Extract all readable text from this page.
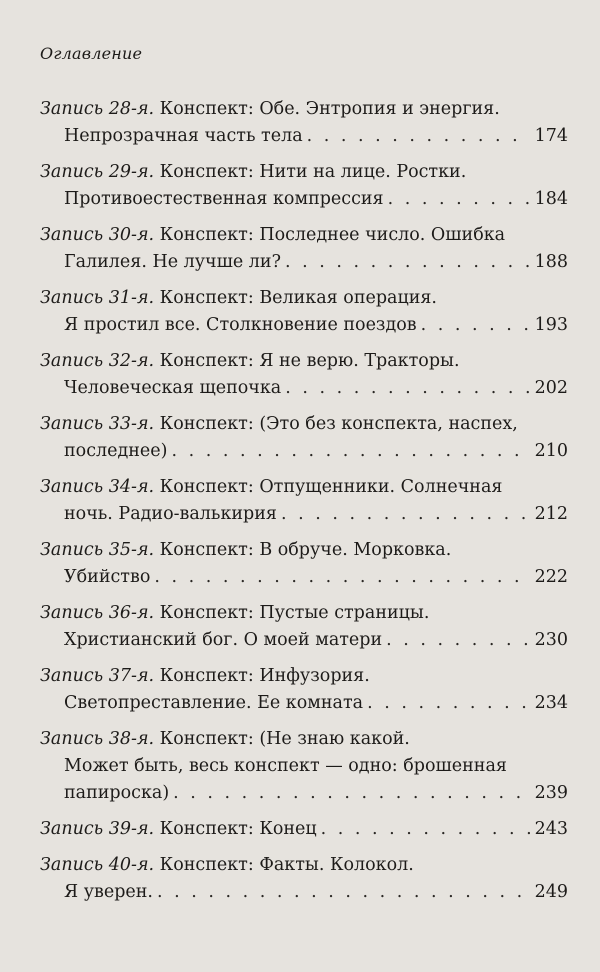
Оглавление
Запись 28-я. Конспект: Обе. Энтропия и энергия.
Непрозрачная часть тела . . .	174
Запись 29-я. Конспект: Нити на лице. Ростки.
Противоестественная компрессия . . .	184
Запись 30-я. Конспект: Последнее число. Ошибка
Галилея. Не лучше ли? . . .	188
Запись 31-я. Конспект: Великая операция.
Я простил все. Столкновение поездов . . .	193
Запись 32-я. Конспект: Я не верю. Тракторы.
Человеческая щепочка . . .	202
Запись 33-я. Конспект: (Это без конспекта, наспех,
последнее) . . .	210
Запись 34-я. Конспект: Отпущенники. Солнечная
ночь. Радио-валькирия . . .	212
Запись 35-я. Конспект: В обруче. Морковка.
Убийство . . .	222
Запись 36-я. Конспект: Пустые страницы.
Христианский бог. О моей матери . . .	230
Запись 37-я. Конспект: Инфузория.
Светопреставление. Ее комната . . .	234
Запись 38-я. Конспект: (Не знаю какой.
Может быть, весь конспект — одно: брошенная
папироска) . . .	239
Запись 39-я. Конспект: Конец . . .	243
Запись 40-я. Конспект: Факты. Колокол.
Я уверен. . . .	249
